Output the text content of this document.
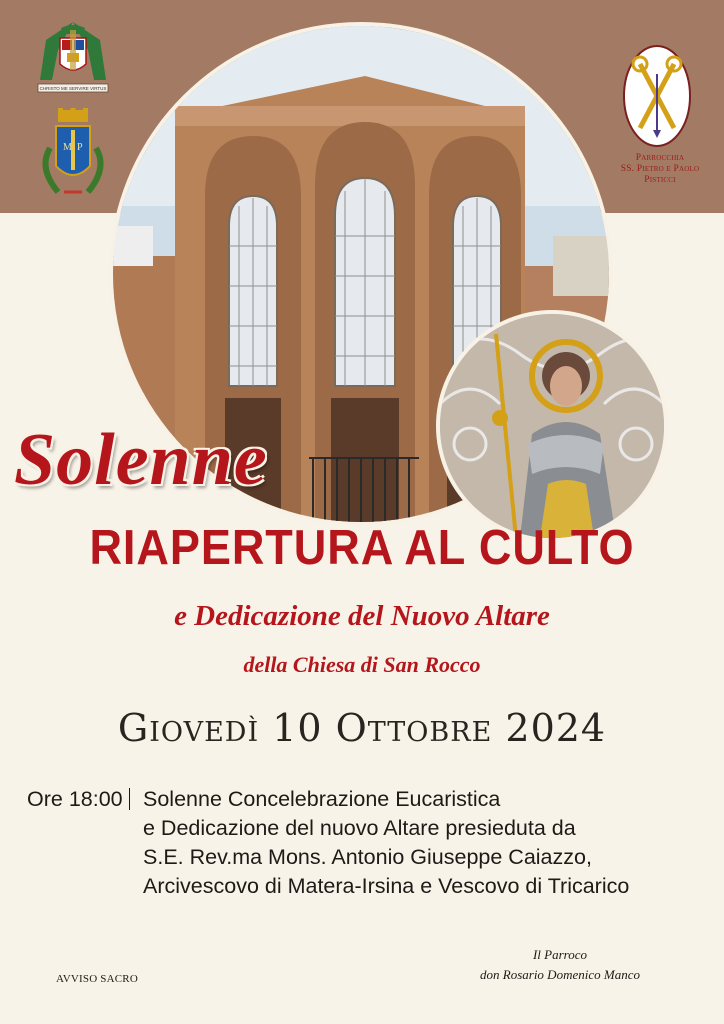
CHRISTO ME SERVIRE VIRTUS
M P
Parrocchia
SS. Pietro e Paolo
Pisticci
Solenne
RIAPERTURA AL CULTO
e Dedicazione del Nuovo Altare
della Chiesa di San Rocco
Giovedì 10 Ottobre 2024
Ore 18:00 Solenne Concelebrazione Eucaristica
e Dedicazione del nuovo Altare presieduta da
S.E. Rev.ma Mons. Antonio Giuseppe Caiazzo,
Arcivescovo di Matera-Irsina e Vescovo di Tricarico
AVVISO SACRO
Il Parroco
don Rosario Domenico Manco
